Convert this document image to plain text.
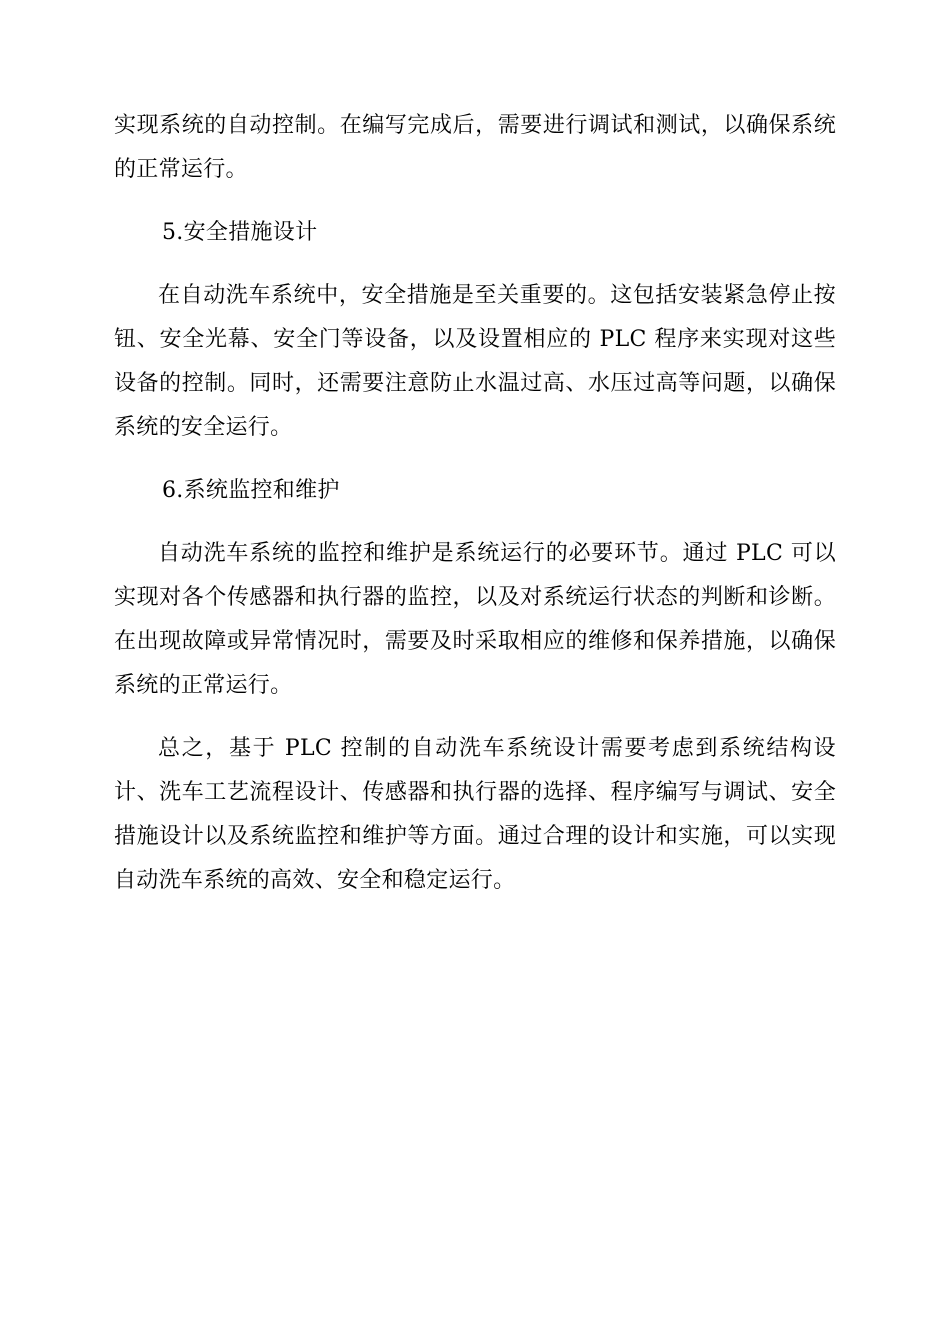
实现系统的自动控制。在编写完成后，需要进行调试和测试，以确保系统的正常运行。

5.安全措施设计

在自动洗车系统中，安全措施是至关重要的。这包括安装紧急停止按钮、安全光幕、安全门等设备，以及设置相应的 PLC 程序来实现对这些设备的控制。同时，还需要注意防止水温过高、水压过高等问题，以确保系统的安全运行。

6.系统监控和维护

自动洗车系统的监控和维护是系统运行的必要环节。通过 PLC 可以实现对各个传感器和执行器的监控，以及对系统运行状态的判断和诊断。在出现故障或异常情况时，需要及时采取相应的维修和保养措施，以确保系统的正常运行。

总之，基于 PLC 控制的自动洗车系统设计需要考虑到系统结构设计、洗车工艺流程设计、传感器和执行器的选择、程序编写与调试、安全措施设计以及系统监控和维护等方面。通过合理的设计和实施，可以实现自动洗车系统的高效、安全和稳定运行。
